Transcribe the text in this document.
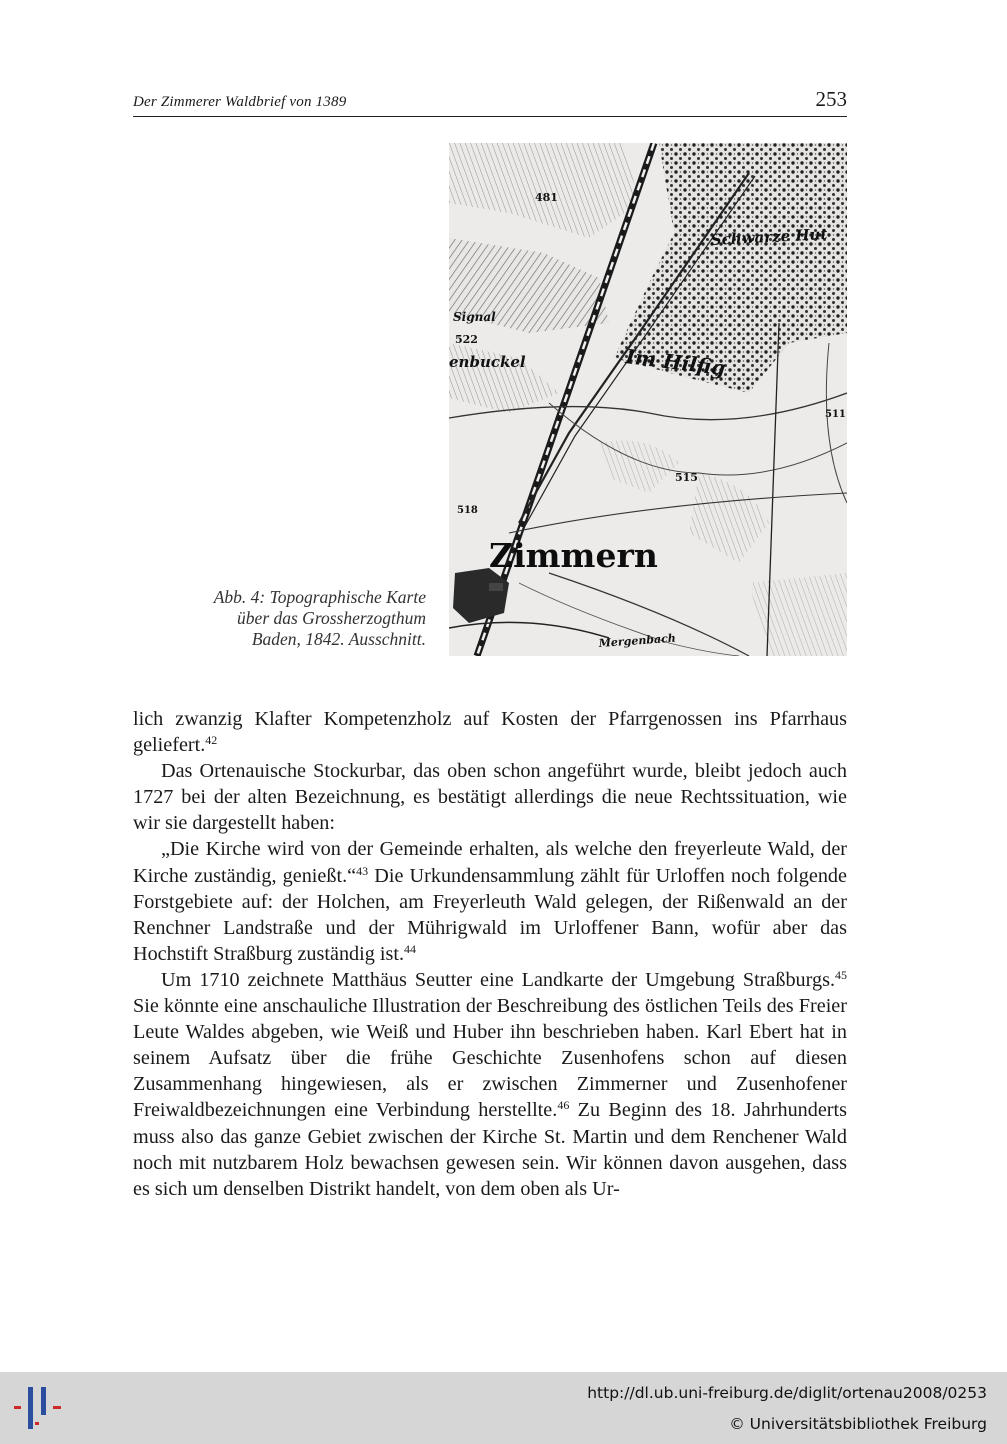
Der Zimmerer Waldbrief von 1389	253
481
Signal
522
enbuckel
Schwarze Hut
Im Hilfig
515
511
518
Zimmern
Mergenbach
Abb. 4: Topographische Karte
über das Grossherzogthum
Baden, 1842. Ausschnitt.

lich zwanzig Klafter Kompetenzholz auf Kosten der Pfarrgenossen ins Pfarrhaus geliefert.$^{42}$

Das Ortenauische Stockurbar, das oben schon angeführt wurde, bleibt jedoch auch 1727 bei der alten Bezeichnung, es bestätigt allerdings die neue Rechtssituation, wie wir sie dargestellt haben:

„Die Kirche wird von der Gemeinde erhalten, als welche den freyerleute Wald, der Kirche zuständig, genießt.“$^{43}$ Die Urkundensammlung zählt für Urloffen noch folgende Forstgebiete auf: der Holchen, am Freyerleuth Wald gelegen, der Rißenwald an der Renchner Landstraße und der Mührigwald im Urloffener Bann, wofür aber das Hochstift Straßburg zuständig ist.$^{44}$

Um 1710 zeichnete Matthäus Seutter eine Landkarte der Umgebung Straßburgs.$^{45}$ Sie könnte eine anschauliche Illustration der Beschreibung des östlichen Teils des Freier Leute Waldes abgeben, wie Weiß und Huber ihn beschrieben haben. Karl Ebert hat in seinem Aufsatz über die frühe Geschichte Zusenhofens schon auf diesen Zusammenhang hingewiesen, als er zwischen Zimmerner und Zusenhofener Freiwaldbezeichnungen eine Verbindung herstellte.$^{46}$ Zu Beginn des 18. Jahrhunderts muss also das ganze Gebiet zwischen der Kirche St. Martin und dem Renchener Wald noch mit nutzbarem Holz bewachsen gewesen sein. Wir können davon ausgehen, dass es sich um denselben Distrikt handelt, von dem oben als Ur-

http://dl.ub.uni-freiburg.de/diglit/ortenau2008/0253
© Universitätsbibliothek Freiburg
